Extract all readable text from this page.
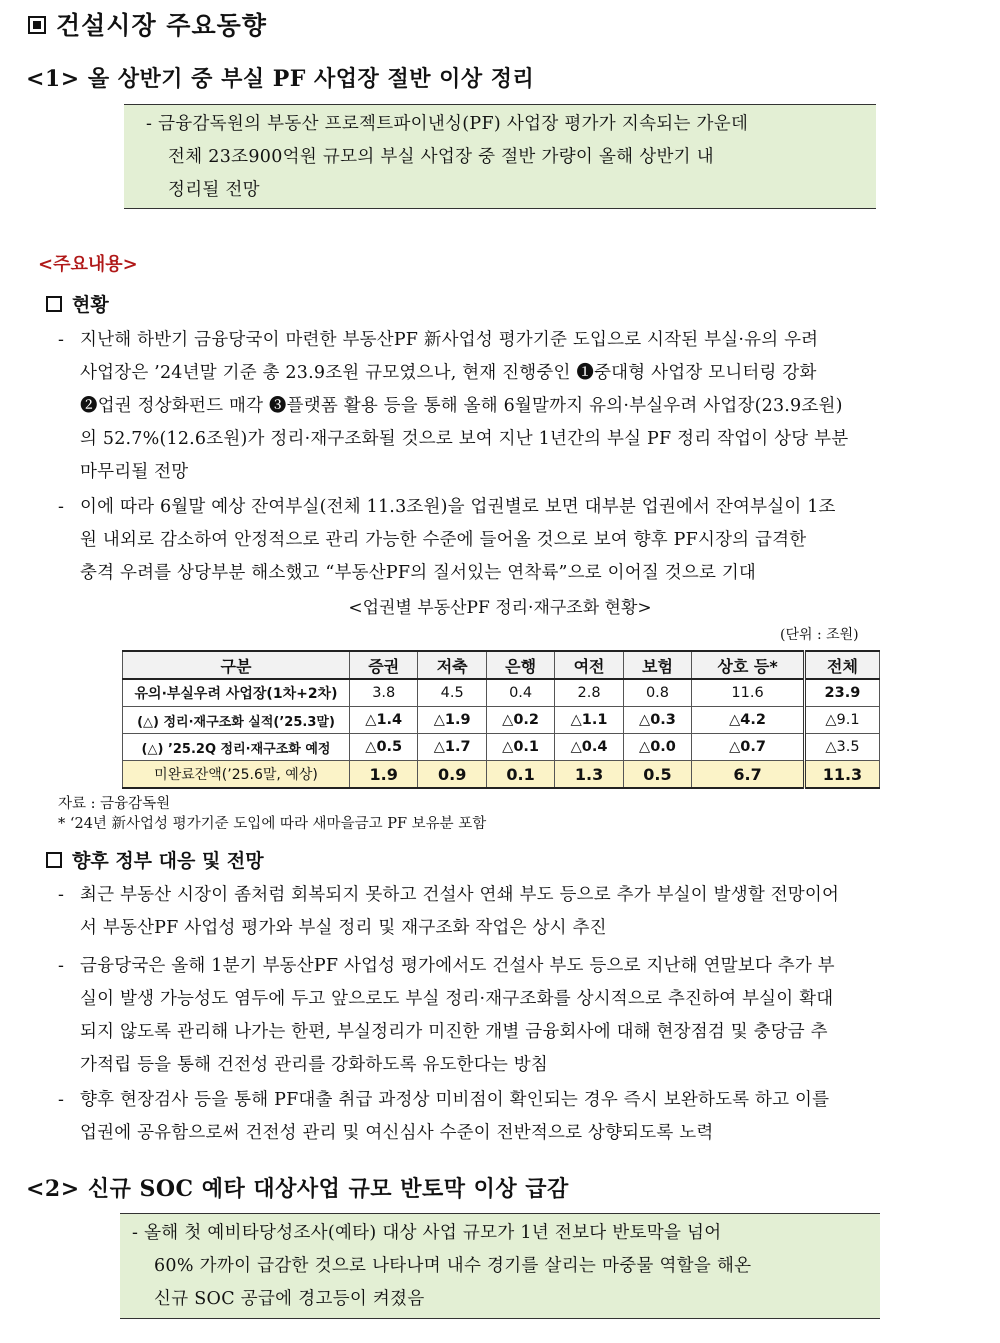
건설시장 주요동향
<1> 올 상반기 중 부실 PF 사업장 절반 이상 정리
- 금융감독원의 부동산 프로젝트파이낸싱(PF) 사업장 평가가 지속되는 가운데
전체 23조900억원 규모의 부실 사업장 중 절반 가량이 올해 상반기 내
정리될 전망
<주요내용>
현황
- 지난해 하반기 금융당국이 마련한 부동산PF 新사업성 평가기준 도입으로 시작된 부실·유의 우려
사업장은 ’24년말 기준 총 23.9조원 규모였으나, 현재 진행중인 ❶중대형 사업장 모니터링 강화
❷업권 정상화펀드 매각 ❸플랫폼 활용 등을 통해 올해 6월말까지 유의·부실우려 사업장(23.9조원)
의 52.7%(12.6조원)가 정리·재구조화될 것으로 보여 지난 1년간의 부실 PF 정리 작업이 상당 부분
마무리될 전망
- 이에 따라 6월말 예상 잔여부실(전체 11.3조원)을 업권별로 보면 대부분 업권에서 잔여부실이 1조
원 내외로 감소하여 안정적으로 관리 가능한 수준에 들어올 것으로 보여 향후 PF시장의 급격한
충격 우려를 상당부분 해소했고 “부동산PF의 질서있는 연착륙”으로 이어질 것으로 기대
<업권별 부동산PF 정리·재구조화 현황>
(단위 : 조원)
구분	증권	저축	은행	여전	보험	상호 등*	전체
유의·부실우려 사업장(1차+2차)	3.8	4.5	0.4	2.8	0.8	11.6	23.9
(△) 정리·재구조화 실적(’25.3말)	△1.4	△1.9	△0.2	△1.1	△0.3	△4.2	△9.1
(△) ’25.2Q 정리·재구조화 예정	△0.5	△1.7	△0.1	△0.4	△0.0	△0.7	△3.5
미완료잔액(’25.6말, 예상)	1.9	0.9	0.1	1.3	0.5	6.7	11.3
자료 : 금융감독원
* ‘24년 新사업성 평가기준 도입에 따라 새마을금고 PF 보유분 포함
향후 정부 대응 및 전망
- 최근 부동산 시장이 좀처럼 회복되지 못하고 건설사 연쇄 부도 등으로 추가 부실이 발생할 전망이어
서 부동산PF 사업성 평가와 부실 정리 및 재구조화 작업은 상시 추진
- 금융당국은 올해 1분기 부동산PF 사업성 평가에서도 건설사 부도 등으로 지난해 연말보다 추가 부
실이 발생 가능성도 염두에 두고 앞으로도 부실 정리·재구조화를 상시적으로 추진하여 부실이 확대
되지 않도록 관리해 나가는 한편, 부실정리가 미진한 개별 금융회사에 대해 현장점검 및 충당금 추
가적립 등을 통해 건전성 관리를 강화하도록 유도한다는 방침
- 향후 현장검사 등을 통해 PF대출 취급 과정상 미비점이 확인되는 경우 즉시 보완하도록 하고 이를
업권에 공유함으로써 건전성 관리 및 여신심사 수준이 전반적으로 상향되도록 노력
<2> 신규 SOC 예타 대상사업 규모 반토막 이상 급감
- 올해 첫 예비타당성조사(예타) 대상 사업 규모가 1년 전보다 반토막을 넘어
60% 가까이 급감한 것으로 나타나며 내수 경기를 살리는 마중물 역할을 해온
신규 SOC 공급에 경고등이 켜졌음
